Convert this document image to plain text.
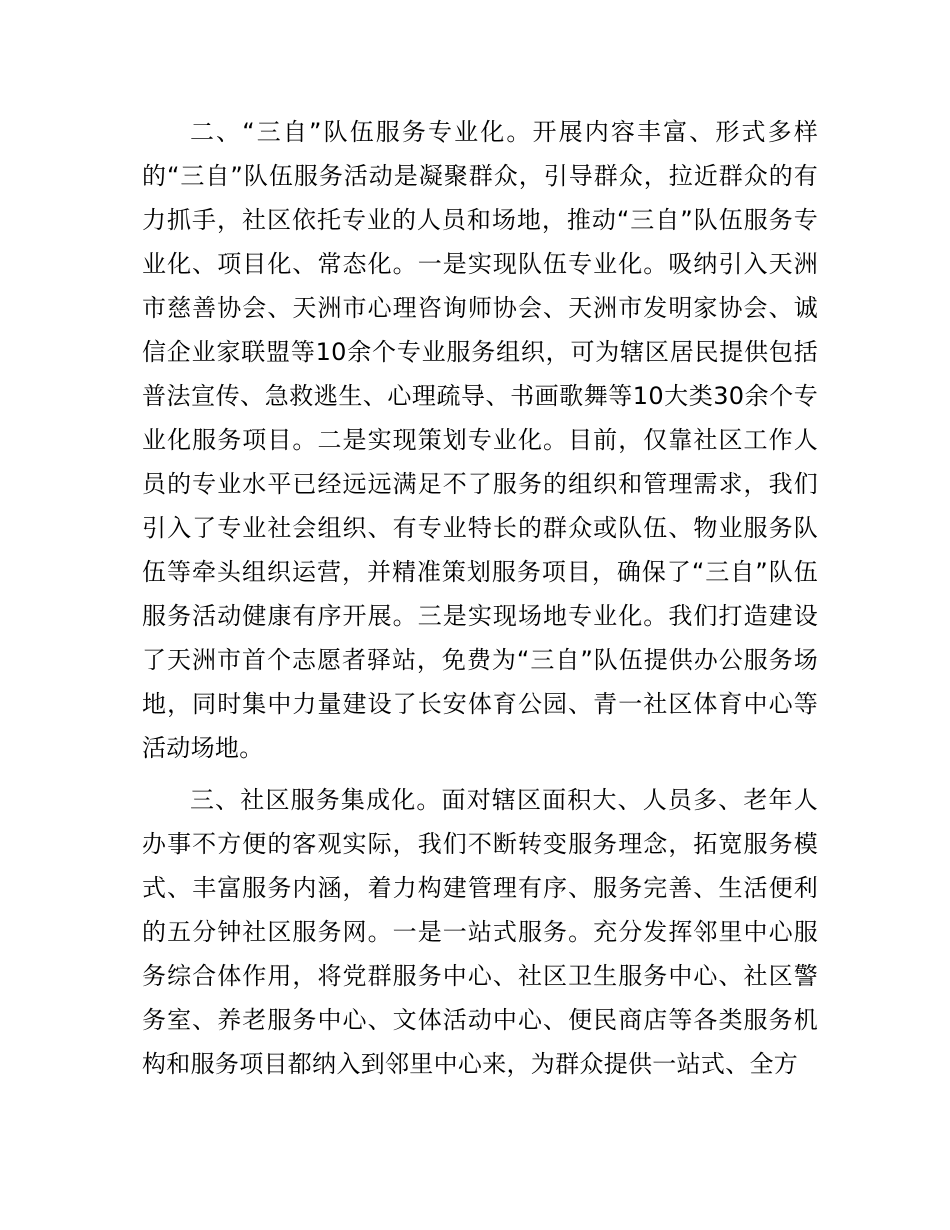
二、“三自”队伍服务专业化。开展内容丰富、形式多样的“三自”队伍服务活动是凝聚群众，引导群众，拉近群众的有力抓手，社区依托专业的人员和场地，推动“三自”队伍服务专业化、项目化、常态化。一是实现队伍专业化。吸纳引入天洲市慈善协会、天洲市心理咨询师协会、天洲市发明家协会、诚信企业家联盟等10余个专业服务组织，可为辖区居民提供包括普法宣传、急救逃生、心理疏导、书画歌舞等10大类30余个专业化服务项目。二是实现策划专业化。目前，仅靠社区工作人员的专业水平已经远远满足不了服务的组织和管理需求，我们引入了专业社会组织、有专业特长的群众或队伍、物业服务队伍等牵头组织运营，并精准策划服务项目，确保了“三自”队伍服务活动健康有序开展。三是实现场地专业化。我们打造建设了天洲市首个志愿者驿站，免费为“三自”队伍提供办公服务场地，同时集中力量建设了长安体育公园、青一社区体育中心等活动场地。

三、社区服务集成化。面对辖区面积大、人员多、老年人办事不方便的客观实际，我们不断转变服务理念，拓宽服务模式、丰富服务内涵，着力构建管理有序、服务完善、生活便利的五分钟社区服务网。一是一站式服务。充分发挥邻里中心服务综合体作用，将党群服务中心、社区卫生服务中心、社区警务室、养老服务中心、文体活动中心、便民商店等各类服务机构和服务项目都纳入到邻里中心来，为群众提供一站式、全方
